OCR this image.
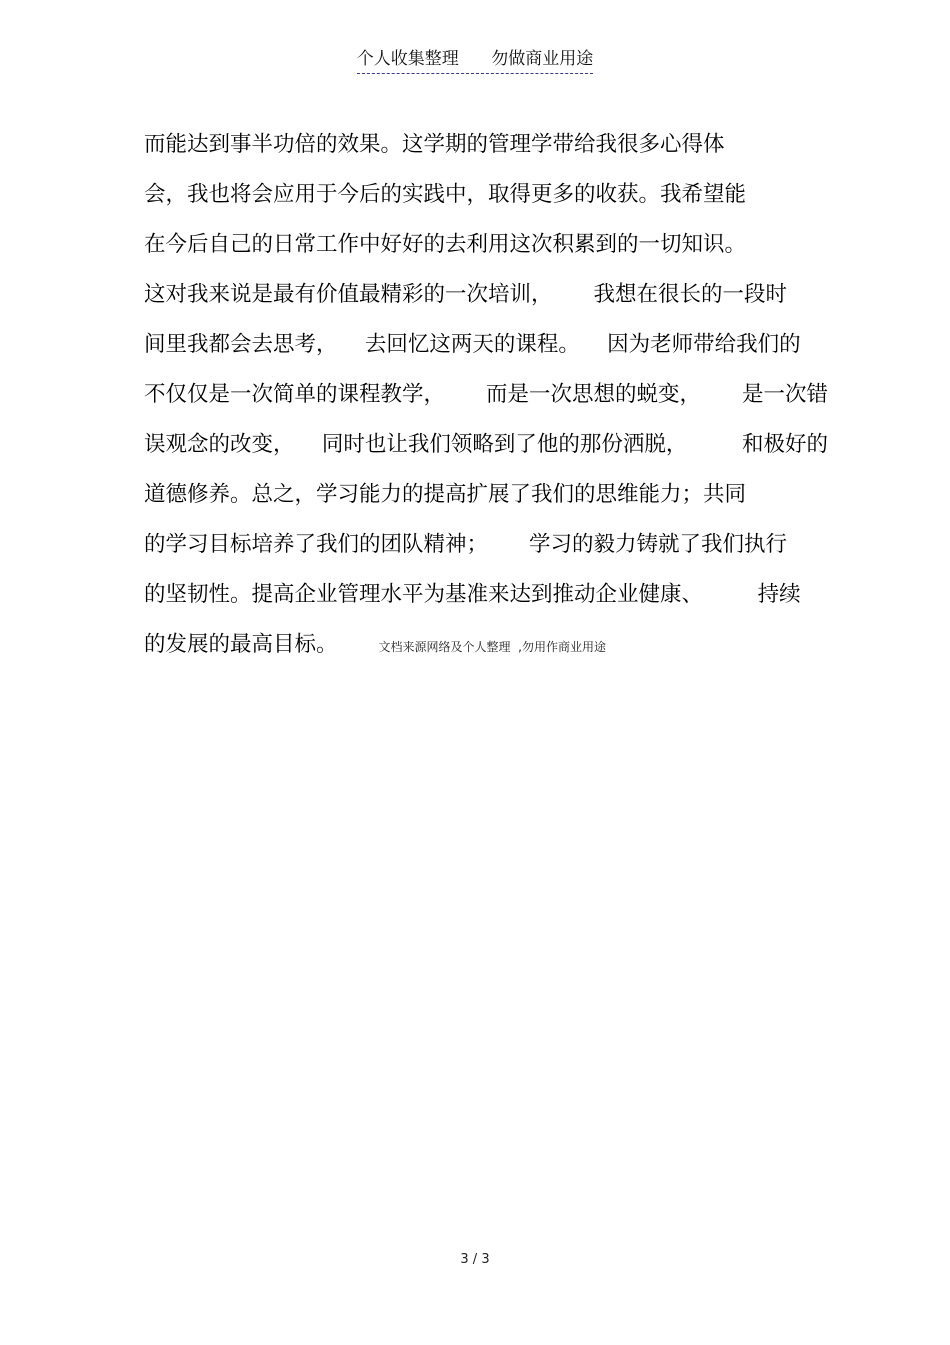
个人收集整理 勿做商业用途
而能达到事半功倍的效果。这学期的管理学带给我很多心得体
会，我也将会应用于今后的实践中，取得更多的收获。我希望能
在今后自己的日常工作中好好的去利用这次积累到的一切知识。
这对我来说是最有价值最精彩的一次培训，      我想在很长的一段时
间里我都会去思考，    去回忆这两天的课程。    因为老师带给我们的
不仅仅是一次简单的课程教学，      而是一次思想的蜕变，      是一次错
误观念的改变，    同时也让我们领略到了他的那份洒脱，        和极好的
道德修养。总之，学习能力的提高扩展了我们的思维能力；共同
的学习目标培养了我们的团队精神；      学习的毅力铸就了我们执行
的坚韧性。提高企业管理水平为基准来达到推动企业健康、        持续
的发展的最高目标。	文档来源网络及个人整理  ,勿用作商业用途
3 / 3
